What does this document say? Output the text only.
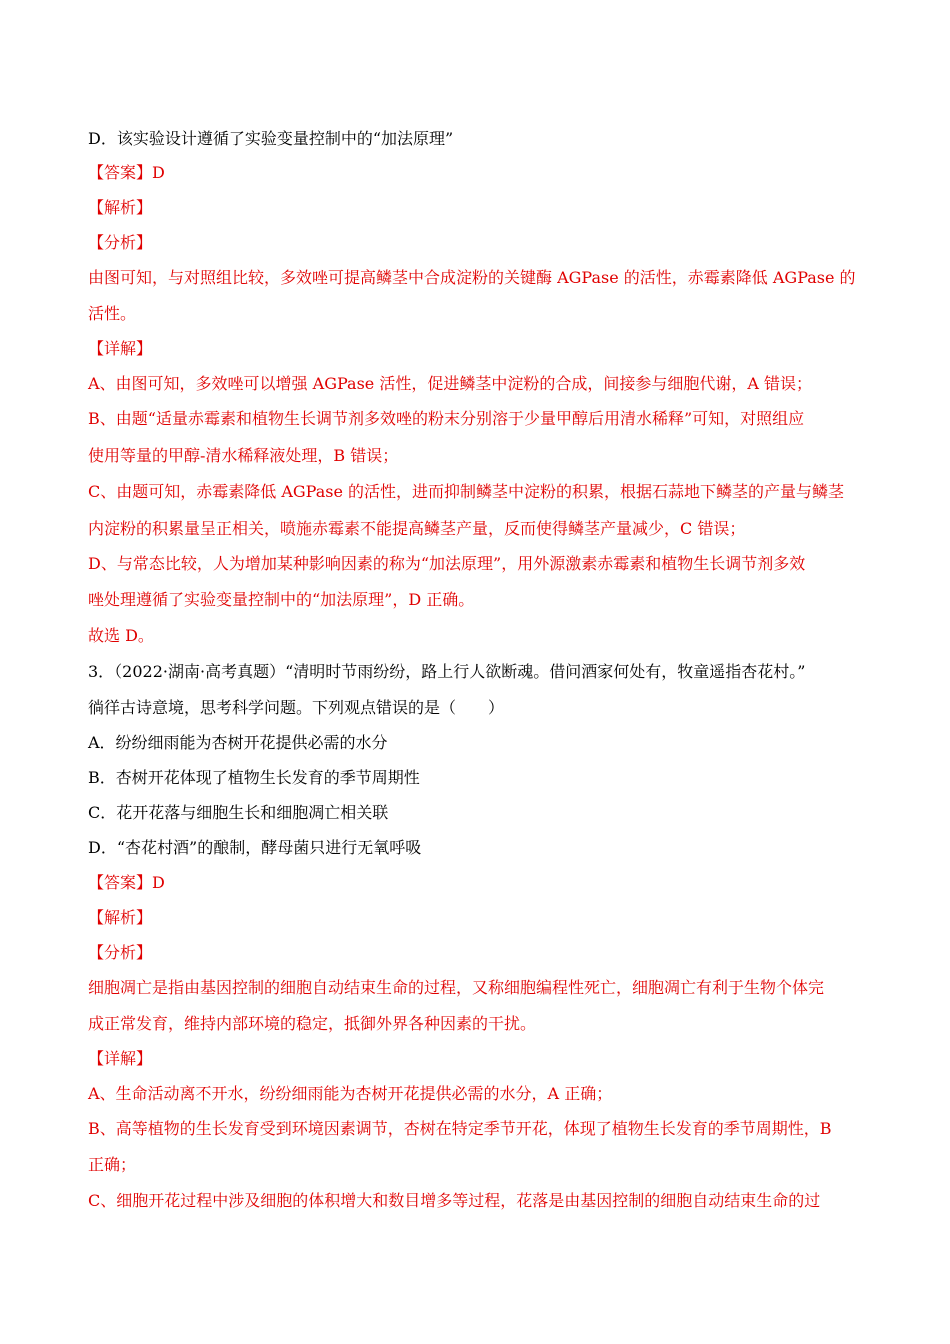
D．该实验设计遵循了实验变量控制中的“加法原理”
【答案】D
【解析】
【分析】
由图可知，与对照组比较，多效唑可提高鳞茎中合成淀粉的关键酶 AGPase 的活性，赤霉素降低 AGPase 的
活性。
【详解】
A、由图可知，多效唑可以增强 AGPase 活性，促进鳞茎中淀粉的合成，间接参与细胞代谢，A 错误；
B、由题“适量赤霉素和植物生长调节剂多效唑的粉末分别溶于少量甲醇后用清水稀释”可知，对照组应
使用等量的甲醇-清水稀释液处理，B 错误；
C、由题可知，赤霉素降低 AGPase 的活性，进而抑制鳞茎中淀粉的积累，根据石蒜地下鳞茎的产量与鳞茎
内淀粉的积累量呈正相关，喷施赤霉素不能提高鳞茎产量，反而使得鳞茎产量减少，C 错误；
D、与常态比较，人为增加某种影响因素的称为“加法原理”，用外源激素赤霉素和植物生长调节剂多效
唑处理遵循了实验变量控制中的“加法原理”，D 正确。
故选 D。
3．（2022·湖南·高考真题）“清明时节雨纷纷，路上行人欲断魂。借问酒家何处有，牧童遥指杏花村。”
徜徉古诗意境，思考科学问题。下列观点错误的是（　　）
A．纷纷细雨能为杏树开花提供必需的水分
B．杏树开花体现了植物生长发育的季节周期性
C．花开花落与细胞生长和细胞凋亡相关联
D．“杏花村酒”的酿制，酵母菌只进行无氧呼吸
【答案】D
【解析】
【分析】
细胞凋亡是指由基因控制的细胞自动结束生命的过程，又称细胞编程性死亡，细胞凋亡有利于生物个体完
成正常发育，维持内部环境的稳定，抵御外界各种因素的干扰。
【详解】
A、生命活动离不开水，纷纷细雨能为杏树开花提供必需的水分，A 正确；
B、高等植物的生长发育受到环境因素调节，杏树在特定季节开花，体现了植物生长发育的季节周期性，B
正确；
C、细胞开花过程中涉及细胞的体积增大和数目增多等过程，花落是由基因控制的细胞自动结束生命的过
